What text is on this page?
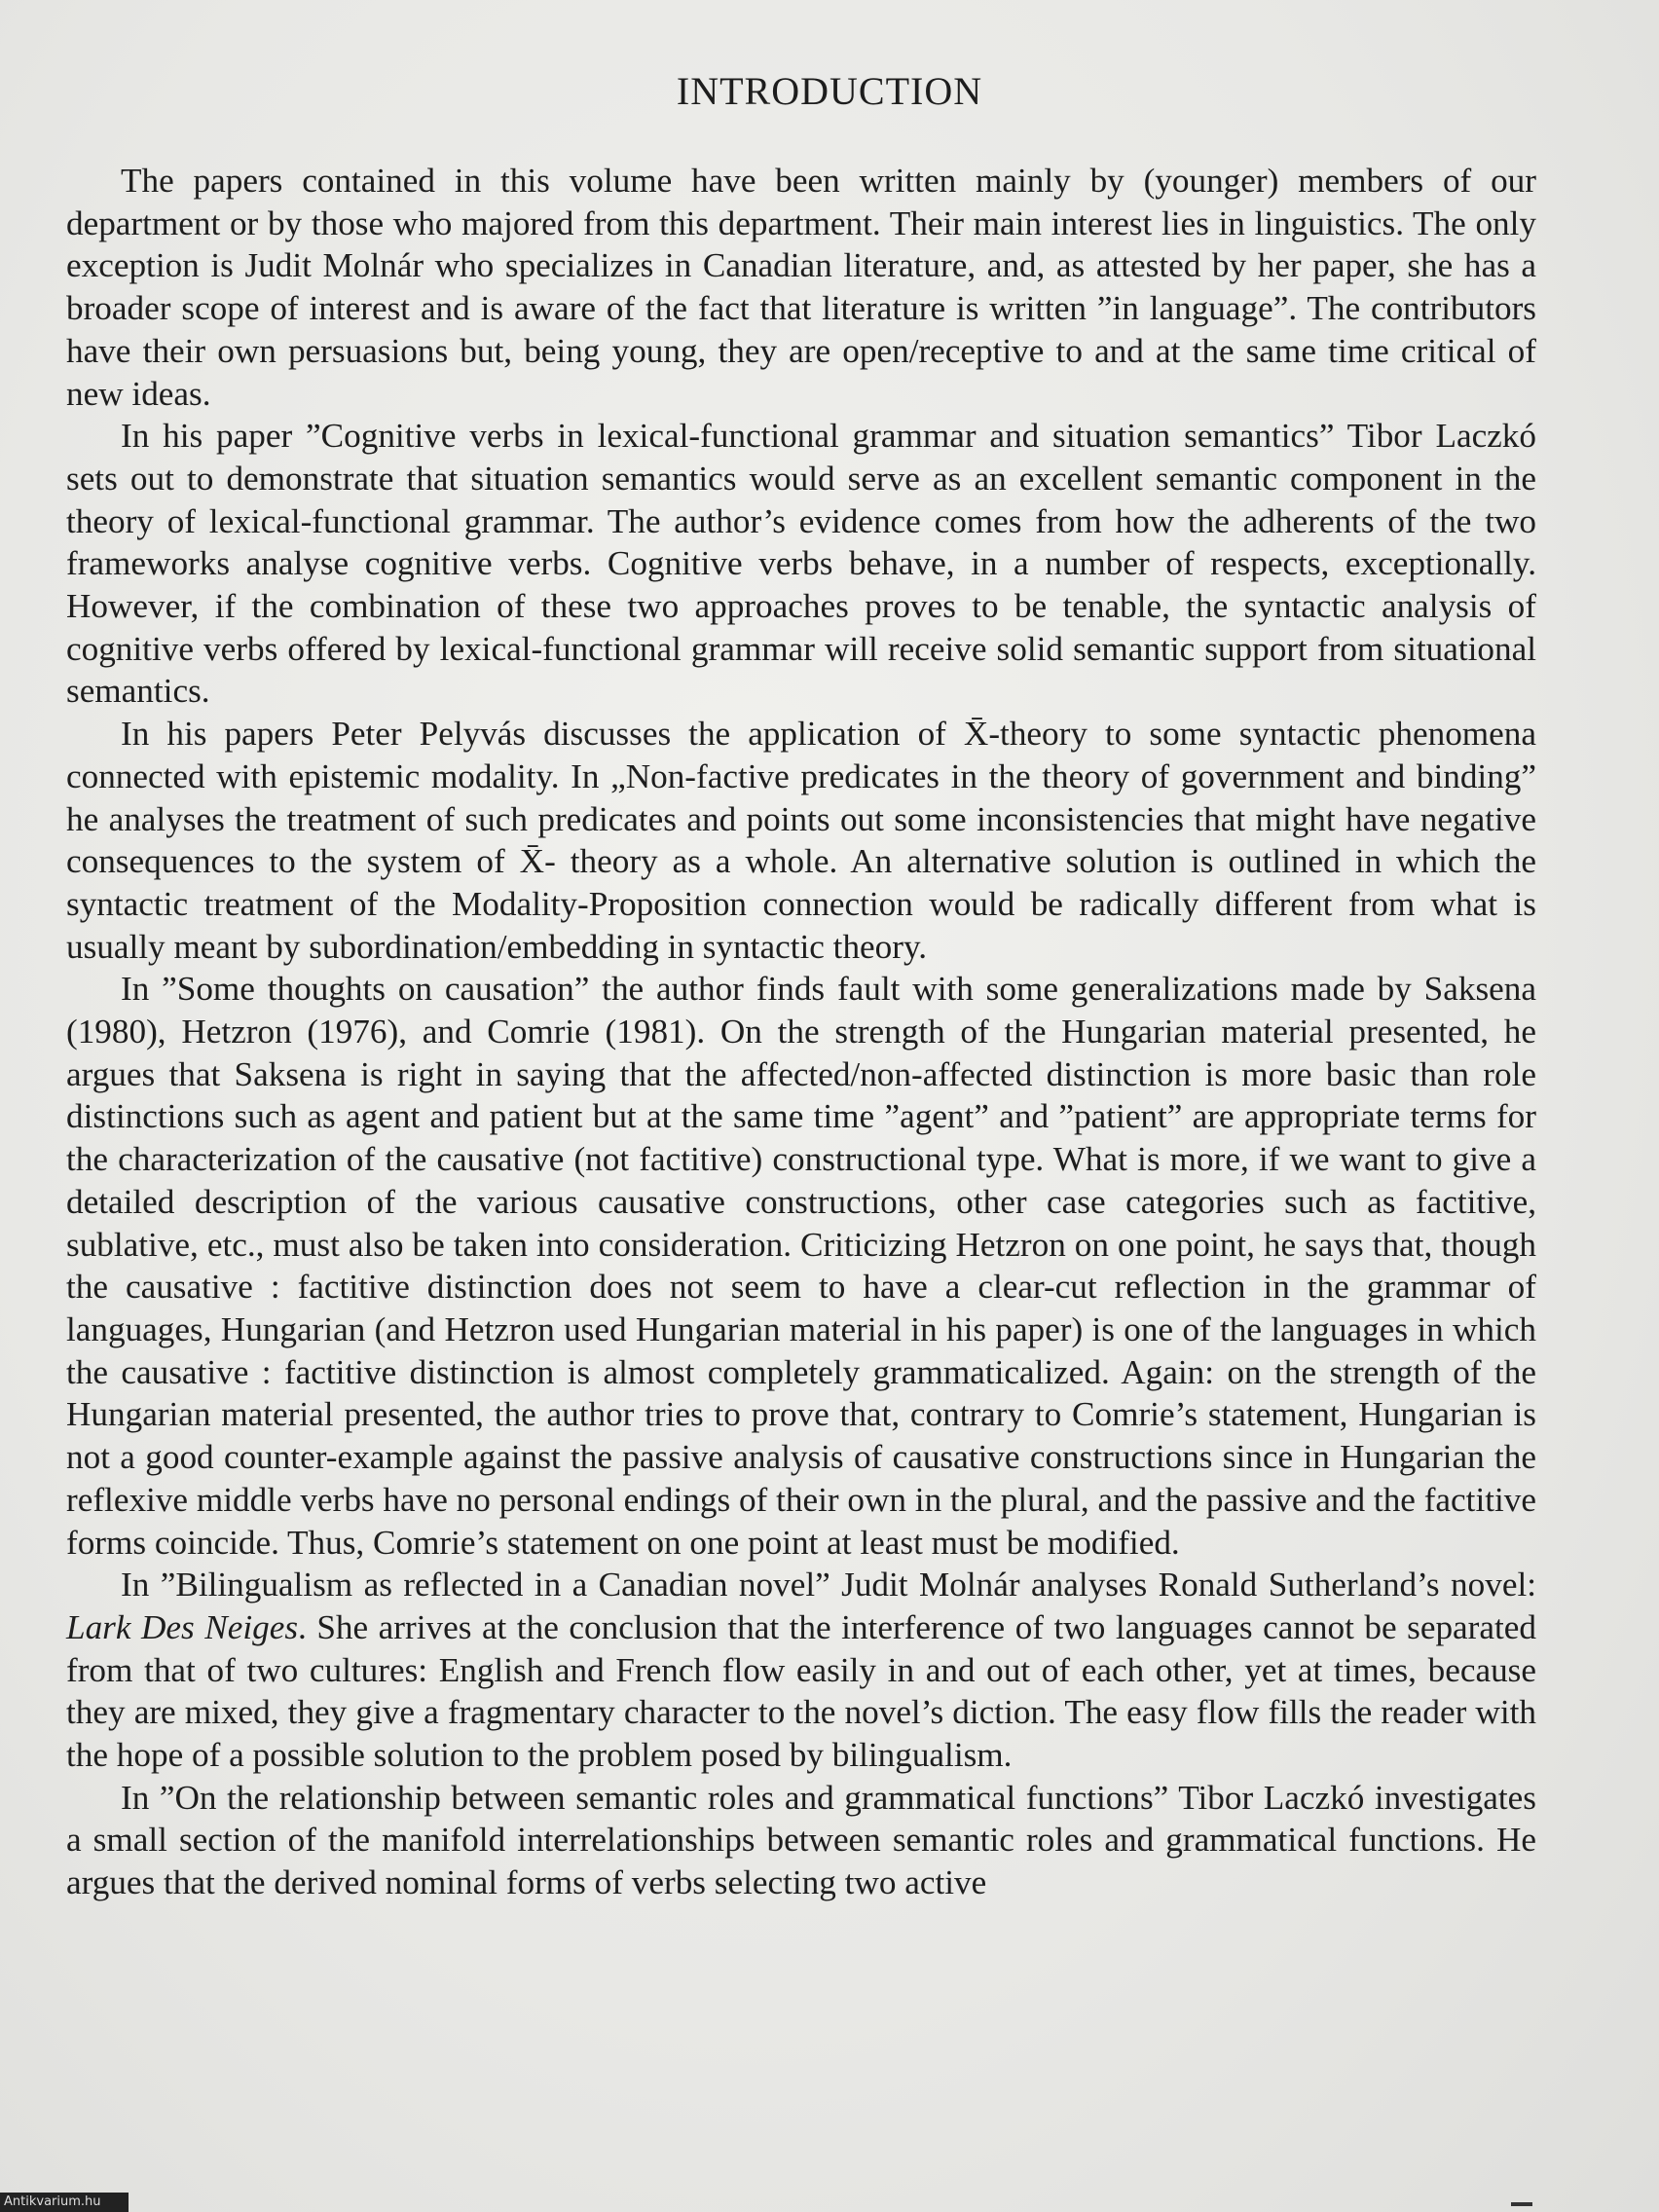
INTRODUCTION

The papers contained in this volume have been written mainly by (younger) members of our department or by those who majored from this department. Their main interest lies in linguistics. The only exception is Judit Molnár who specializes in Canadian literature, and, as attested by her paper, she has a broader scope of interest and is aware of the fact that literature is written ”in language”. The contributors have their own persuasions but, being young, they are open/receptive to and at the same time critical of new ideas.

In his paper ”Cognitive verbs in lexical-functional grammar and situation semantics” Tibor Laczkó sets out to demonstrate that situation semantics would serve as an excellent semantic component in the theory of lexical-functional grammar. The author’s evidence comes from how the adherents of the two frameworks analyse cognitive verbs. Cognitive verbs behave, in a number of respects, exceptionally. However, if the combination of these two approaches proves to be tenable, the syntactic analysis of cognitive verbs offered by lexical-functional grammar will receive solid semantic support from situational semantics.

In his papers Peter Pelyvás discusses the application of X̄-theory to some syntactic phenomena connected with epistemic modality. In „Non-factive predicates in the theory of government and binding” he analyses the treatment of such predicates and points out some inconsistencies that might have negative consequences to the system of X̄- theory as a whole. An alternative solution is outlined in which the syntactic treatment of the Modality-Proposition connection would be radically different from what is usually meant by subordination/embedding in syntactic theory.

In ”Some thoughts on causation” the author finds fault with some generalizations made by Saksena (1980), Hetzron (1976), and Comrie (1981). On the strength of the Hungarian material presented, he argues that Saksena is right in saying that the affected/non-affected distinction is more basic than role distinctions such as agent and patient but at the same time ”agent” and ”patient” are appropriate terms for the characterization of the causative (not factitive) constructional type. What is more, if we want to give a detailed description of the various causative constructions, other case categories such as factitive, sublative, etc., must also be taken into consideration. Criticizing Hetzron on one point, he says that, though the causative : factitive distinction does not seem to have a clear-cut reflection in the grammar of languages, Hungarian (and Hetzron used Hungarian material in his paper) is one of the languages in which the causative : factitive distinction is almost completely grammaticalized. Again: on the strength of the Hungarian material presented, the author tries to prove that, contrary to Comrie’s statement, Hungarian is not a good counter-example against the passive analysis of causative constructions since in Hungarian the reflexive middle verbs have no personal endings of their own in the plural, and the passive and the factitive forms coincide. Thus, Comrie’s statement on one point at least must be modified.

In ”Bilingualism as reflected in a Canadian novel” Judit Molnár analyses Ronald Sutherland’s novel: Lark Des Neiges. She arrives at the conclusion that the interference of two languages cannot be separated from that of two cultures: English and French flow easily in and out of each other, yet at times, because they are mixed, they give a fragmentary character to the novel’s diction. The easy flow fills the reader with the hope of a possible solution to the problem posed by bilingualism.

In ”On the relationship between semantic roles and grammatical functions” Tibor Laczkó investigates a small section of the manifold interrelationships between semantic roles and grammatical functions. He argues that the derived nominal forms of verbs selecting two active

Antikvarium.hu
